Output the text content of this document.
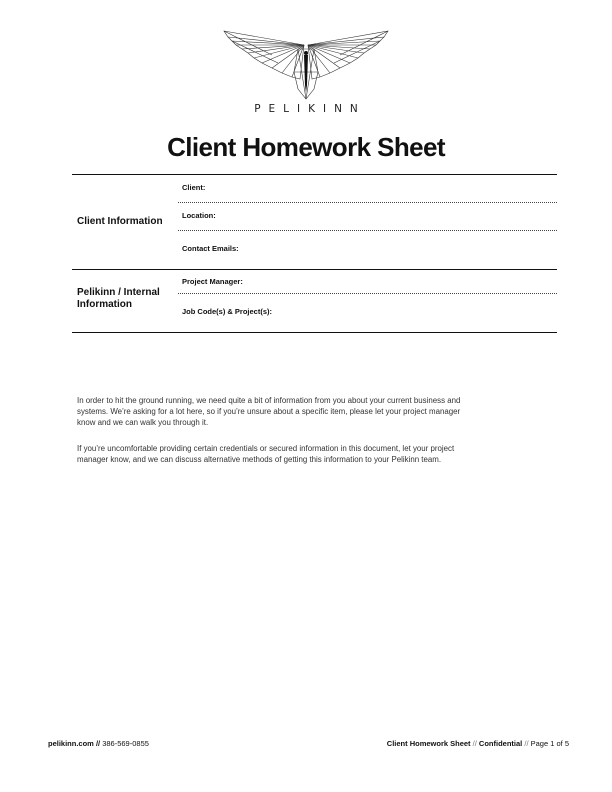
PELIKINN
Client Homework Sheet
Client Information
Client:
Location:
Contact Emails:
Pelikinn / Internal
Information
Project Manager:
Job Code(s) & Project(s):
In order to hit the ground running, we need quite a bit of information from you about your current business and
systems. We’re asking for a lot here, so if you’re unsure about a specific item, please let your project manager
know and we can walk you through it.
If you’re uncomfortable providing certain credentials or secured information in this document, let your project
manager know, and we can discuss alternative methods of getting this information to your Pelikinn team.
pelikinn.com // 386-569-0855	Client Homework Sheet // Confidential // Page 1 of 5
